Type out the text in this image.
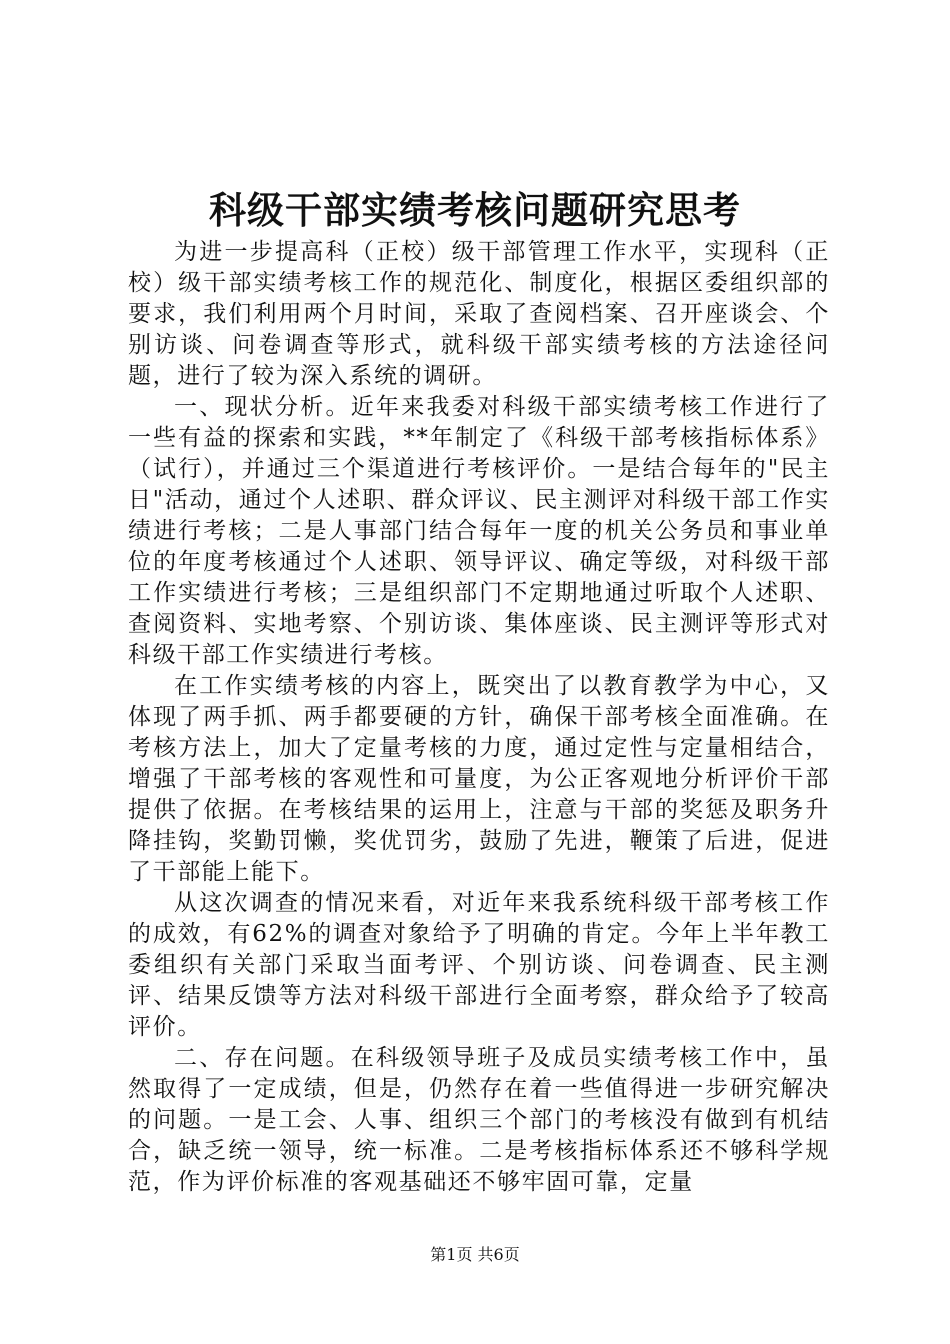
科级干部实绩考核问题研究思考

为进一步提高科（正校）级干部管理工作水平，实现科（正校）级干部实绩考核工作的规范化、制度化，根据区委组织部的要求，我们利用两个月时间，采取了查阅档案、召开座谈会、个别访谈、问卷调查等形式，就科级干部实绩考核的方法途径问题，进行了较为深入系统的调研。

一、现状分析。近年来我委对科级干部实绩考核工作进行了一些有益的探索和实践，**年制定了《科级干部考核指标体系》（试行），并通过三个渠道进行考核评价。一是结合每年的"民主日"活动，通过个人述职、群众评议、民主测评对科级干部工作实绩进行考核；二是人事部门结合每年一度的机关公务员和事业单位的年度考核通过个人述职、领导评议、确定等级，对科级干部工作实绩进行考核；三是组织部门不定期地通过听取个人述职、查阅资料、实地考察、个别访谈、集体座谈、民主测评等形式对科级干部工作实绩进行考核。

在工作实绩考核的内容上，既突出了以教育教学为中心，又体现了两手抓、两手都要硬的方针，确保干部考核全面准确。在考核方法上，加大了定量考核的力度，通过定性与定量相结合，增强了干部考核的客观性和可量度，为公正客观地分析评价干部提供了依据。在考核结果的运用上，注意与干部的奖惩及职务升降挂钩，奖勤罚懒，奖优罚劣，鼓励了先进，鞭策了后进，促进了干部能上能下。

从这次调查的情况来看，对近年来我系统科级干部考核工作的成效，有62%的调查对象给予了明确的肯定。今年上半年教工委组织有关部门采取当面考评、个别访谈、问卷调查、民主测评、结果反馈等方法对科级干部进行全面考察，群众给予了较高评价。

二、存在问题。在科级领导班子及成员实绩考核工作中，虽然取得了一定成绩，但是，仍然存在着一些值得进一步研究解决的问题。一是工会、人事、组织三个部门的考核没有做到有机结合，缺乏统一领导，统一标准。二是考核指标体系还不够科学规范，作为评价标准的客观基础还不够牢固可靠，定量

第1页 共6页
